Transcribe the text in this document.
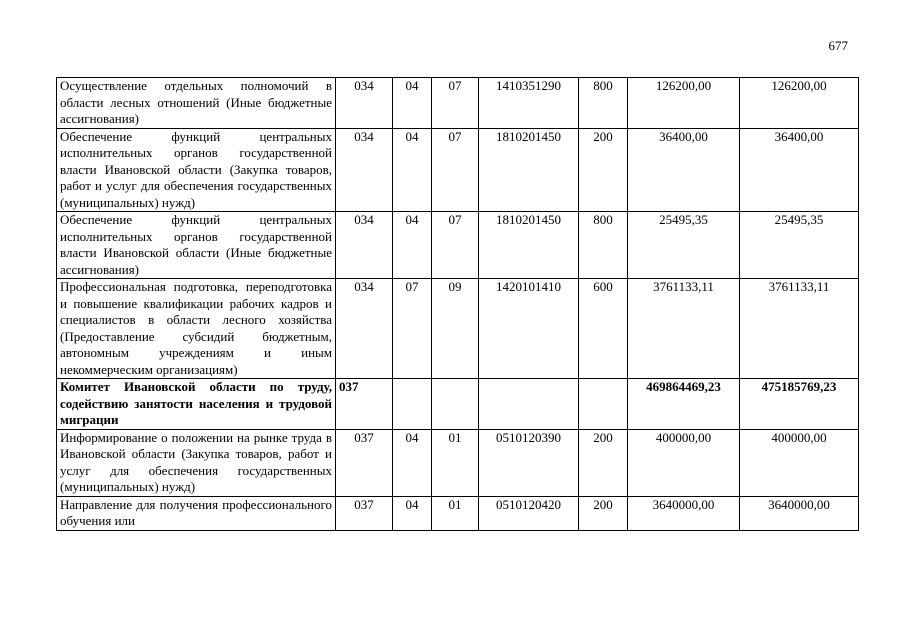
677
Осуществление отдельных полномочий в области лесных отношений (Иные бюджетные ассигнования)	034	04	07	1410351290	800	126200,00	126200,00
Обеспечение функций центральных исполнительных органов государственной власти Ивановской области (Закупка товаров, работ и услуг для обеспечения государственных (муниципальных) нужд)	034	04	07	1810201450	200	36400,00	36400,00
Обеспечение функций центральных исполнительных органов государственной власти Ивановской области (Иные бюджетные ассигнования)	034	04	07	1810201450	800	25495,35	25495,35
Профессиональная подготовка, переподготовка и повышение квалификации рабочих кадров и специалистов в области лесного хозяйства (Предоставление субсидий бюджетным, автономным учреждениям и иным некоммерческим организациям)	034	07	09	1420101410	600	3761133,11	3761133,11
Комитет Ивановской области по труду, содействию занятости населения и трудовой миграции	037					469864469,23	475185769,23
Информирование о положении на рынке труда в Ивановской области (Закупка товаров, работ и услуг для обеспечения государственных (муниципальных) нужд)	037	04	01	0510120390	200	400000,00	400000,00
Направление для получения профессионального обучения или	037	04	01	0510120420	200	3640000,00	3640000,00
